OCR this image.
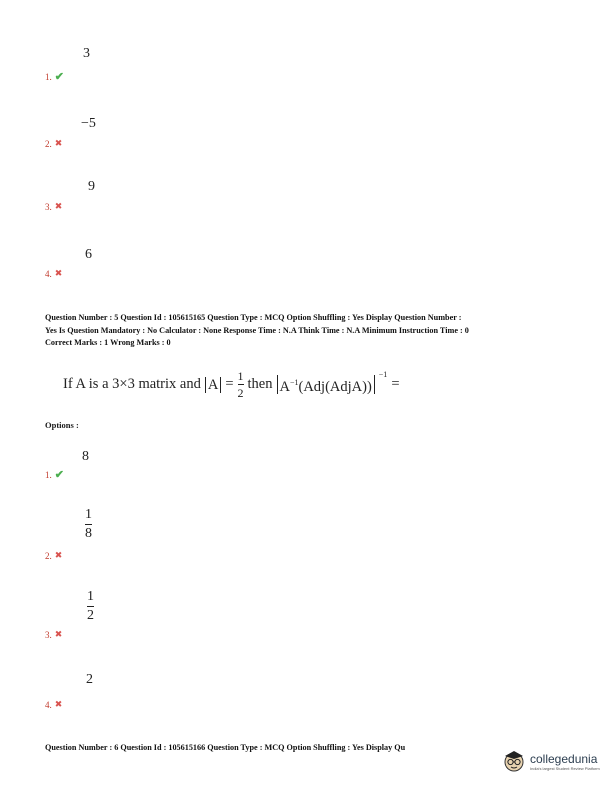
3
1. ✔
−5
2. ✖
9
3. ✖
6
4. ✖
Question Number : 5 Question Id : 105615165 Question Type : MCQ Option Shuffling : Yes Display Question Number :
Yes Is Question Mandatory : No Calculator : None Response Time : N.A Think Time : N.A Minimum Instruction Time : 0
Correct Marks : 1 Wrong Marks : 0
If A is a 3×3 matrix and $A = \frac{1}{2}$ then $A^{-1}(Adj(AdjA))$
$^{-1}$
=
Options :
8
1. ✔
$\frac{1}{8}$
2. ✖
$\frac{1}{2}$
3. ✖
2
4. ✖
Question Number : 6 Question Id : 105615166 Question Type : MCQ Option Shuffling : Yes Display Qu
collegedunia
India's largest Student Review Platform
